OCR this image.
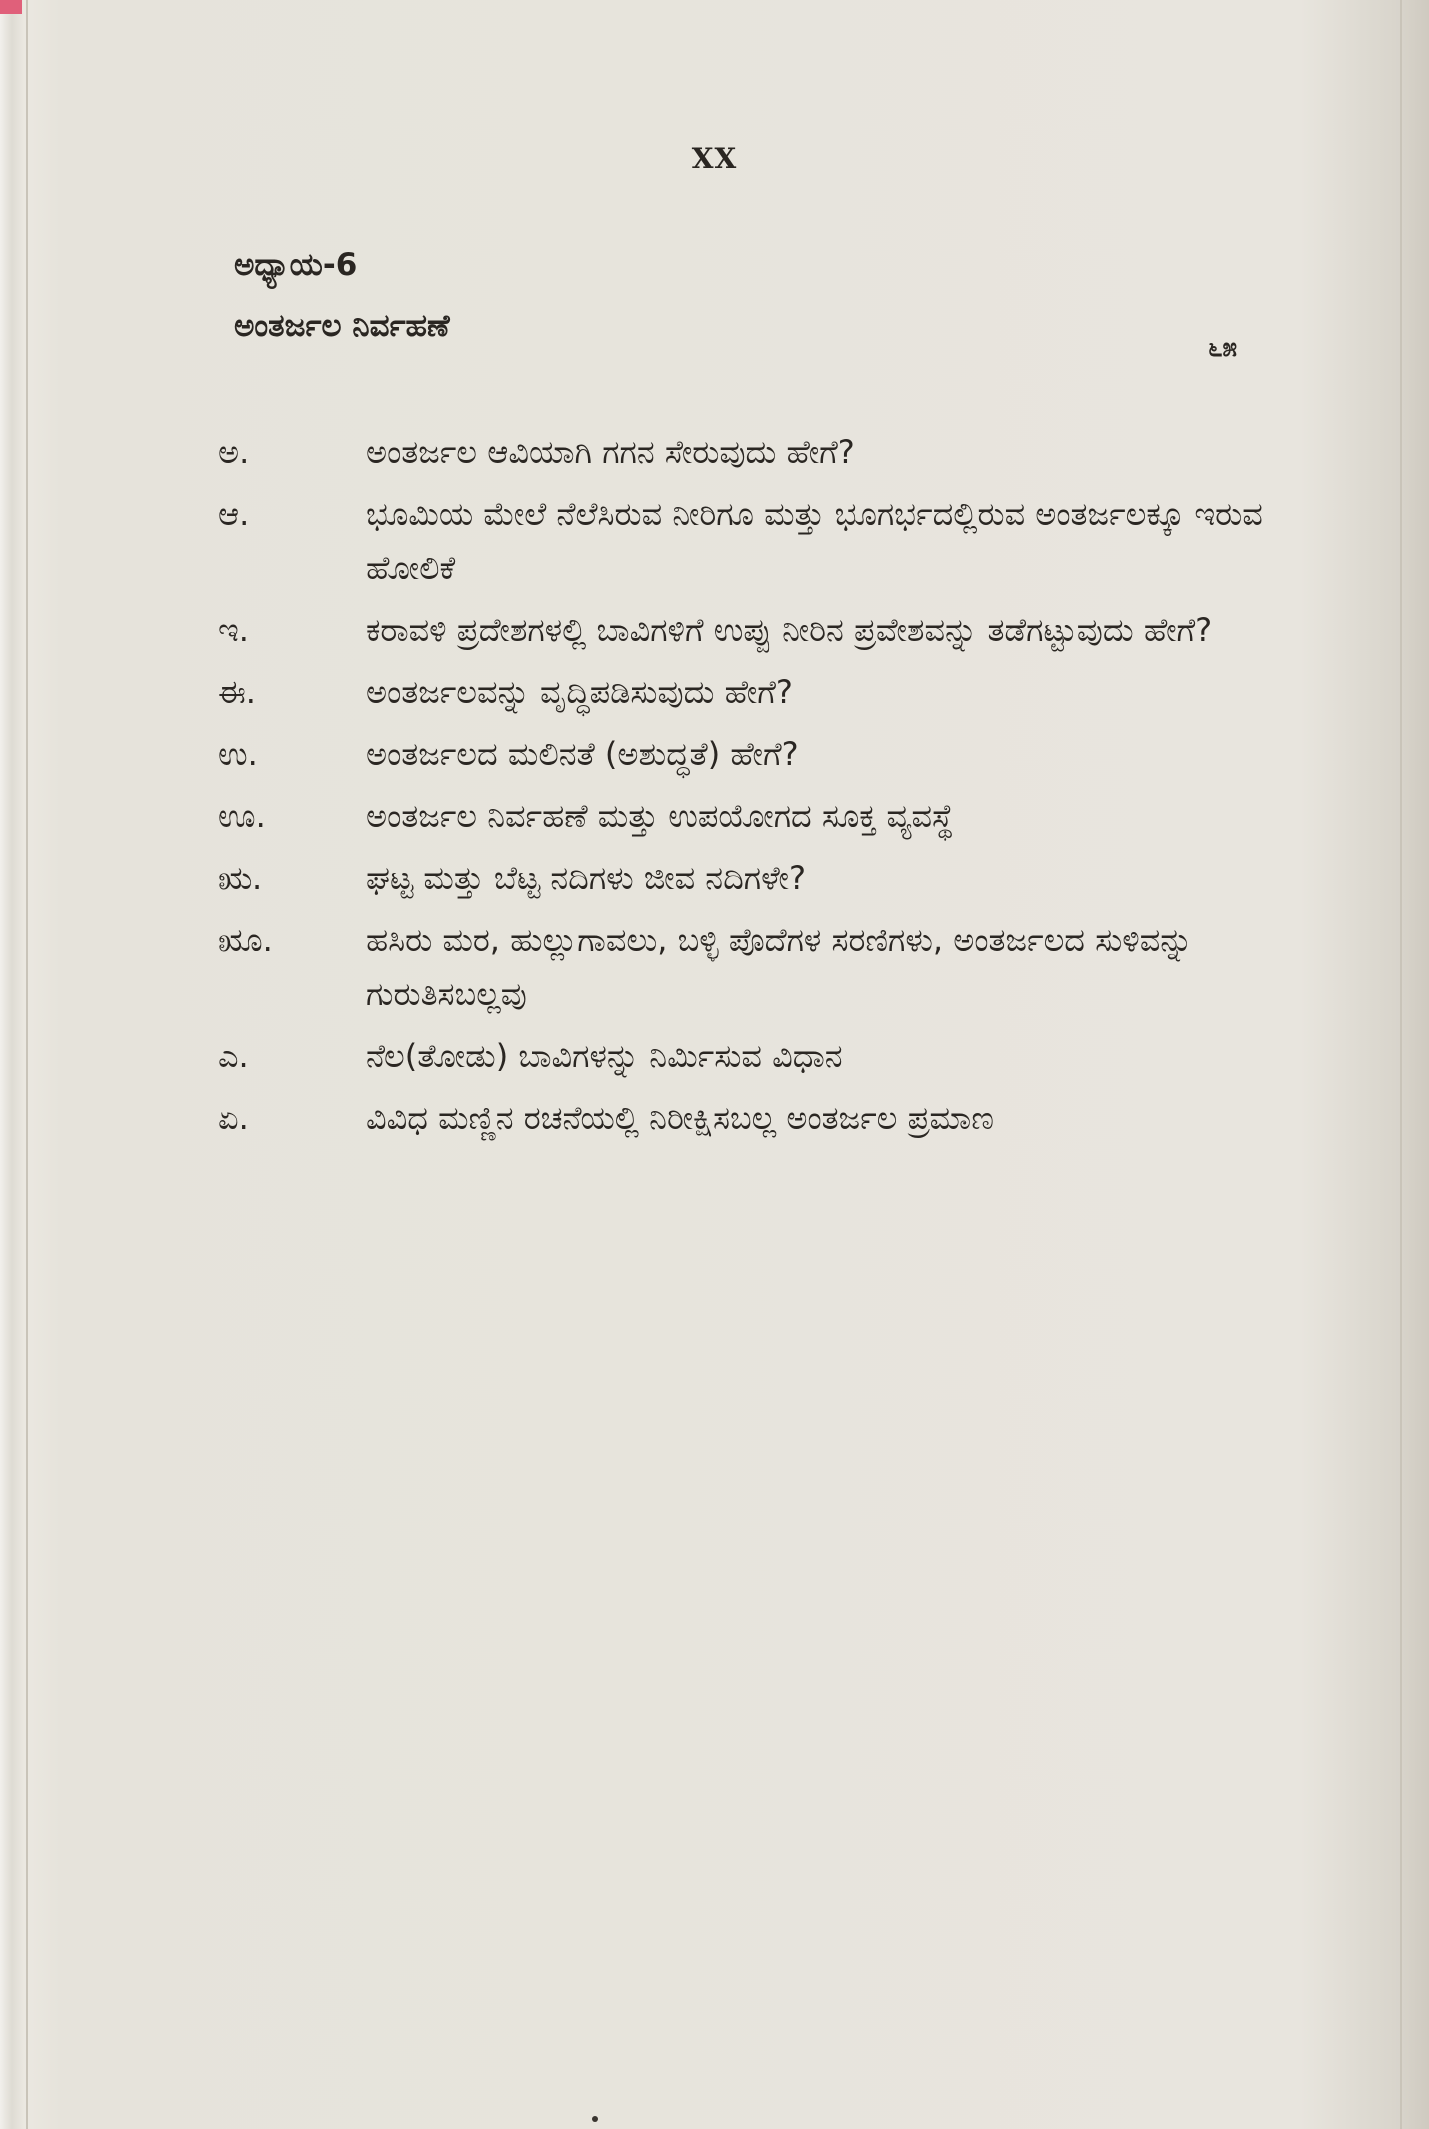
XX
ಅಧ್ಯಾಯ-6
ಅಂತರ್ಜಲ ನಿರ್ವಹಣೆ
೬೫
ಅ.	ಅಂತರ್ಜಲ ಆವಿಯಾಗಿ ಗಗನ ಸೇರುವುದು ಹೇಗೆ?
ಆ.	ಭೂಮಿಯ ಮೇಲೆ ನೆಲೆಸಿರುವ ನೀರಿಗೂ ಮತ್ತು ಭೂಗರ್ಭದಲ್ಲಿರುವ ಅಂತರ್ಜಲಕ್ಕೂ ಇರುವ ಹೋಲಿಕೆ
ಇ.	ಕರಾವಳಿ ಪ್ರದೇಶಗಳಲ್ಲಿ ಬಾವಿಗಳಿಗೆ ಉಪ್ಪು ನೀರಿನ ಪ್ರವೇಶವನ್ನು ತಡೆಗಟ್ಟುವುದು ಹೇಗೆ?
ಈ.	ಅಂತರ್ಜಲವನ್ನು ವೃದ್ಧಿಪಡಿಸುವುದು ಹೇಗೆ?
ಉ.	ಅಂತರ್ಜಲದ ಮಲಿನತೆ (ಅಶುದ್ಧತೆ) ಹೇಗೆ?
ಊ.	ಅಂತರ್ಜಲ ನಿರ್ವಹಣೆ ಮತ್ತು ಉಪಯೋಗದ ಸೂಕ್ತ ವ್ಯವಸ್ಥೆ
ಋ.	ಘಟ್ಟ ಮತ್ತು ಬೆಟ್ಟ ನದಿಗಳು ಜೀವ ನದಿಗಳೇ?
ೠ.	ಹಸಿರು ಮರ, ಹುಲ್ಲುಗಾವಲು, ಬಳ್ಳಿ ಪೊದೆಗಳ ಸರಣಿಗಳು, ಅಂತರ್ಜಲದ ಸುಳಿವನ್ನು ಗುರುತಿಸಬಲ್ಲವು
ಎ.	ನೆಲ(ತೋಡು) ಬಾವಿಗಳನ್ನು ನಿರ್ಮಿಸುವ ವಿಧಾನ
ಏ.	ವಿವಿಧ ಮಣ್ಣಿನ ರಚನೆಯಲ್ಲಿ ನಿರೀಕ್ಷಿಸಬಲ್ಲ ಅಂತರ್ಜಲ ಪ್ರಮಾಣ
